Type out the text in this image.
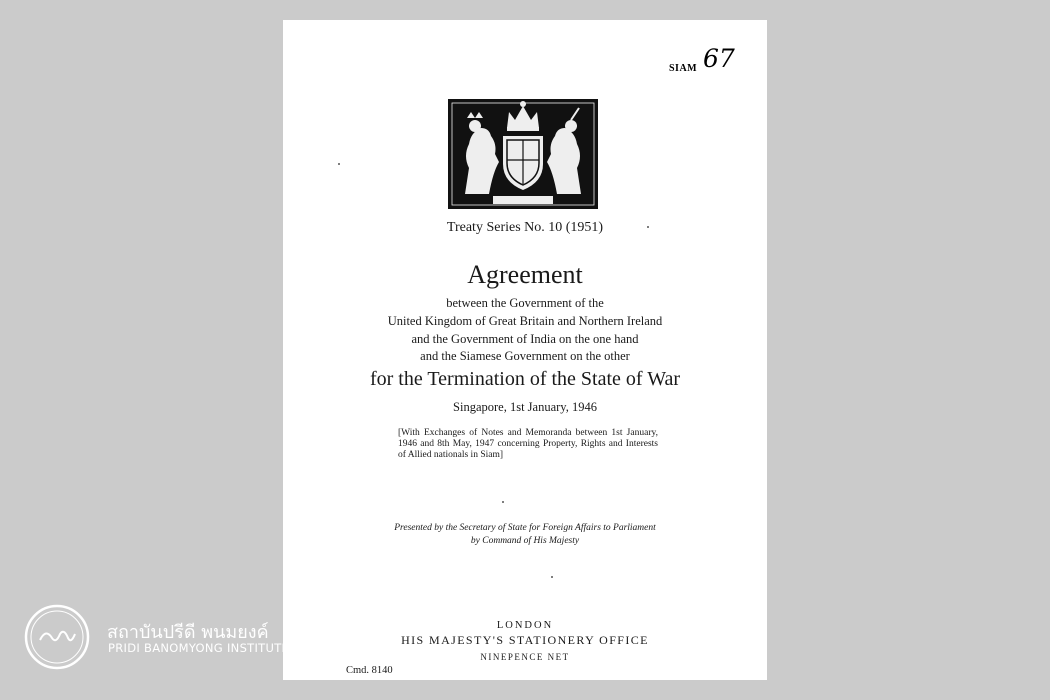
SIAM 67
Treaty Series No. 10 (1951)
Agreement
between the Government of the
United Kingdom of Great Britain and Northern Ireland
and the Government of India on the one hand
and the Siamese Government on the other
for the Termination of the State of War
Singapore, 1st January, 1946
[With Exchanges of Notes and Memoranda between 1st January, 1946 and 8th May, 1947 concerning Property, Rights and Interests of Allied nationals in Siam]
Presented by the Secretary of State for Foreign Affairs to Parliament
by Command of His Majesty
LONDON
HIS MAJESTY'S STATIONERY OFFICE
NINEPENCE NET
Cmd. 8140
สถาบันปรีดี พนมยงค์
PRIDI BANOMYONG INSTITUTE
